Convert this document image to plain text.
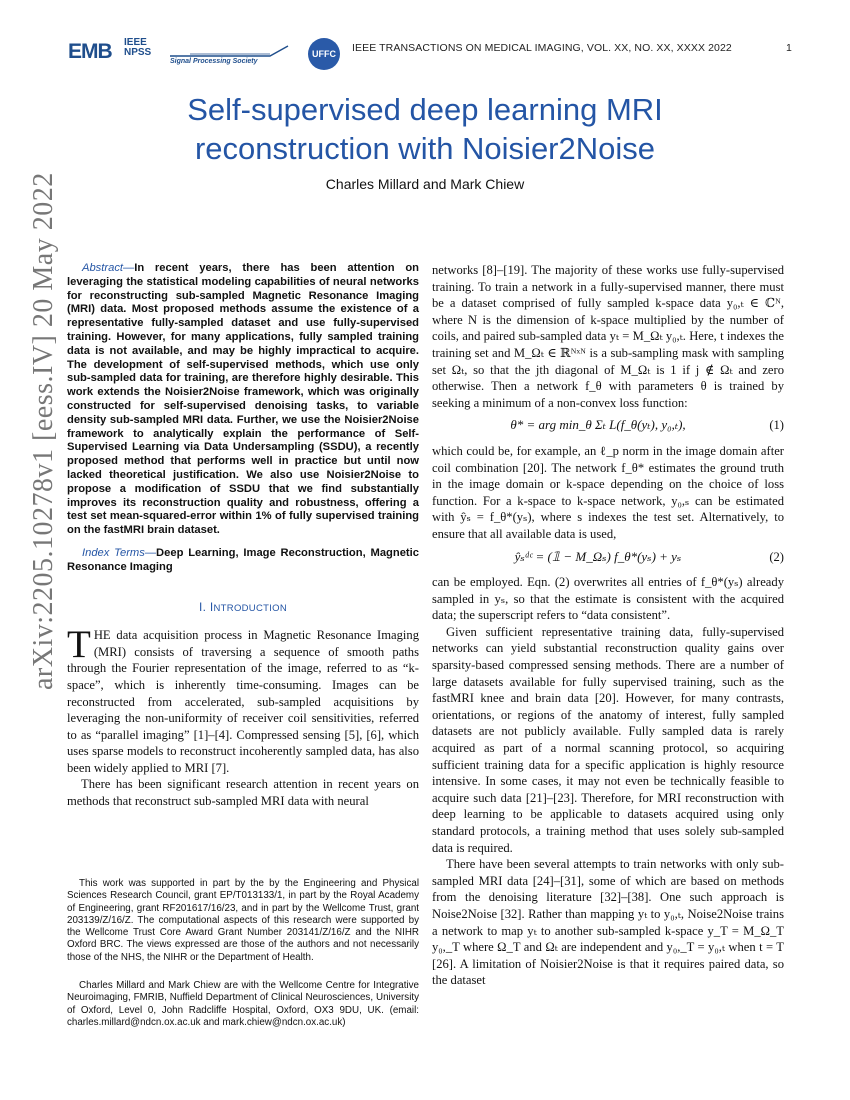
EMB IEEE NPSS
Signal Processing Society
UFFC IEEE TRANSACTIONS ON MEDICAL IMAGING, VOL. XX, NO. XX, XXXX 2022	1
arXiv:2205.10278v1 [eess.IV] 20 May 2022
Self-supervised deep learning MRI reconstruction with Noisier2Noise
Charles Millard and Mark Chiew

Abstract—In recent years, there has been attention on leveraging the statistical modeling capabilities of neural networks for reconstructing sub-sampled Magnetic Resonance Imaging (MRI) data. Most proposed methods assume the existence of a representative fully-sampled dataset and use fully-supervised training. However, for many applications, fully sampled training data is not available, and may be highly impractical to acquire. The development of self-supervised methods, which use only sub-sampled data for training, are therefore highly desirable. This work extends the Noisier2Noise framework, which was originally constructed for self-supervised denoising tasks, to variable density sub-sampled MRI data. Further, we use the Noisier2Noise framework to analytically explain the performance of Self-Supervised Learning via Data Undersampling (SSDU), a recently proposed method that performs well in practice but until now lacked theoretical justification. We also use Noisier2Noise to propose a modification of SSDU that we find substantially improves its reconstruction quality and robustness, offering a test set mean-squared-error within 1% of fully supervised training on the fastMRI brain dataset.

Index Terms—Deep Learning, Image Reconstruction, Magnetic Resonance Imaging

I. INTRODUCTION

THE data acquisition process in Magnetic Resonance Imaging (MRI) consists of traversing a sequence of smooth paths through the Fourier representation of the image, referred to as “k-space”, which is inherently time-consuming. Images can be reconstructed from accelerated, sub-sampled acquisitions by leveraging the non-uniformity of receiver coil sensitivities, referred to as “parallel imaging” [1]–[4]. Compressed sensing [5], [6], which uses sparse models to reconstruct incoherently sampled data, has also been widely applied to MRI [7].

There has been significant research attention in recent years on methods that reconstruct sub-sampled MRI data with neural

This work was supported in part by the by the Engineering and Physical Sciences Research Council, grant EP/T013133/1, in part by the Royal Academy of Engineering, grant RF201617/16/23, and in part by the Wellcome Trust, grant 203139/Z/16/Z. The computational aspects of this research were supported by the Wellcome Trust Core Award Grant Number 203141/Z/16/Z and the NIHR Oxford BRC. The views expressed are those of the authors and not necessarily those of the NHS, the NIHR or the Department of Health.
Charles Millard and Mark Chiew are with the Wellcome Centre for Integrative Neuroimaging, FMRIB, Nuffield Department of Clinical Neurosciences, University of Oxford, Level 0, John Radcliffe Hospital, Oxford, OX3 9DU, UK. (email: charles.millard@ndcn.ox.ac.uk and mark.chiew@ndcn.ox.ac.uk)

networks [8]–[19]. The majority of these works use fully-supervised training. To train a network in a fully-supervised manner, there must be a dataset comprised of fully sampled k-space data y₀,ₜ ∈ ℂᴺ, where N is the dimension of k-space multiplied by the number of coils, and paired sub-sampled data yₜ = M_Ωₜ y₀,ₜ. Here, t indexes the training set and M_Ωₜ ∈ ℝᴺˣᴺ is a sub-sampling mask with sampling set Ωₜ, so that the jth diagonal of M_Ωₜ is 1 if j ∉ Ωₜ and zero otherwise. Then a network f_θ with parameters θ is trained by seeking a minimum of a non-convex loss function:

θ* = arg min_θ Σₜ L(f_θ(yₜ), y₀,ₜ),	(1)

which could be, for example, an ℓ_p norm in the image domain after coil combination [20]. The network f_θ* estimates the ground truth in the image domain or k-space depending on the choice of loss function. For a k-space to k-space network, y₀,ₛ can be estimated with ŷₛ = f_θ*(yₛ), where s indexes the test set. Alternatively, to ensure that all available data is used,

ŷₛᵈᶜ = (𝟙 − M_Ωₛ) f_θ*(yₛ) + yₛ	(2)

can be employed. Eqn. (2) overwrites all entries of f_θ*(yₛ) already sampled in yₛ, so that the estimate is consistent with the acquired data; the superscript refers to “data consistent”.

Given sufficient representative training data, fully-supervised networks can yield substantial reconstruction quality gains over sparsity-based compressed sensing methods. There are a number of large datasets available for fully supervised training, such as the fastMRI knee and brain data [20]. However, for many contrasts, orientations, or regions of the anatomy of interest, fully sampled datasets are not publicly available. Fully sampled data is rarely acquired as part of a normal scanning protocol, so acquiring sufficient training data for a specific application is highly resource intensive. In some cases, it may not even be technically feasible to acquire such data [21]–[23]. Therefore, for MRI reconstruction with deep learning to be applicable to datasets acquired using only standard protocols, a training method that uses solely sub-sampled data is required.

There have been several attempts to train networks with only sub-sampled MRI data [24]–[31], some of which are based on methods from the denoising literature [32]–[38]. One such approach is Noise2Noise [32]. Rather than mapping yₜ to y₀,ₜ, Noise2Noise trains a network to map yₜ to another sub-sampled k-space y_T = M_Ω_T y₀,_T where Ω_T and Ωₜ are independent and y₀,_T = y₀,ₜ when t = T [26]. A limitation of Noisier2Noise is that it requires paired data, so the dataset
